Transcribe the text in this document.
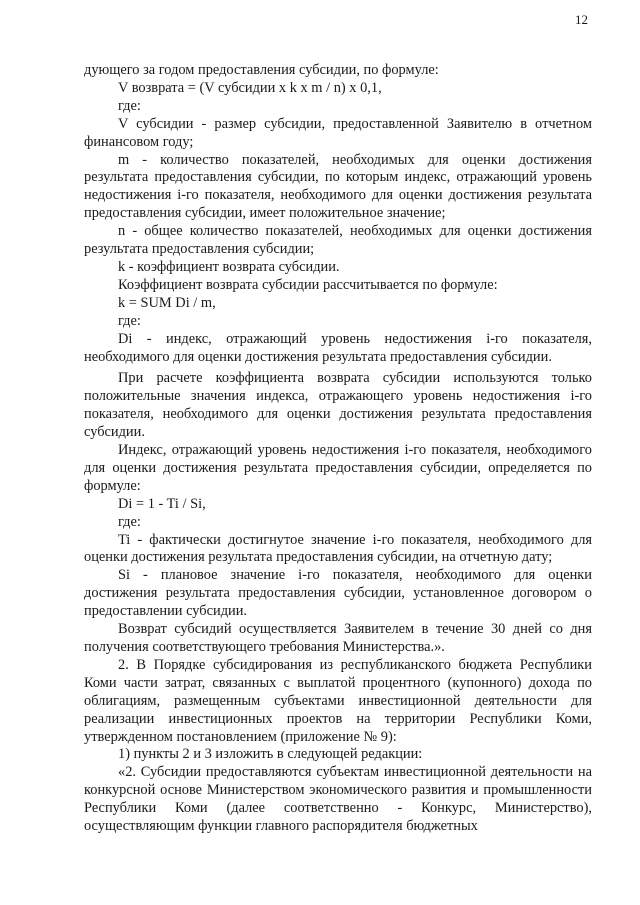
12

дующего за годом предоставления субсидии, по формуле:

V возврата = (V субсидии x k x m / n) x 0,1,

где:

V субсидии - размер субсидии, предоставленной Заявителю в отчетном финансовом году;

m - количество показателей, необходимых для оценки достижения результата предоставления субсидии, по которым индекс, отражающий уровень недостижения i-го показателя, необходимого для оценки достижения результата предоставления субсидии, имеет положительное значение;

n - общее количество показателей, необходимых для оценки достижения результата предоставления субсидии;

k - коэффициент возврата субсидии.

Коэффициент возврата субсидии рассчитывается по формуле:

k = SUM Di / m,

где:

Di - индекс, отражающий уровень недостижения i-го показателя, необходимого для оценки достижения результата предоставления субсидии.

При расчете коэффициента возврата субсидии используются только положительные значения индекса, отражающего уровень недостижения i-го показателя, необходимого для оценки достижения результата предоставления субсидии.

Индекс, отражающий уровень недостижения i-го показателя, необходимого для оценки достижения результата предоставления субсидии, определяется по формуле:

Di = 1 - Ti / Si,

где:

Ti - фактически достигнутое значение i-го показателя, необходимого для оценки достижения результата предоставления субсидии, на отчетную дату;

Si - плановое значение i-го показателя, необходимого для оценки достижения результата предоставления субсидии, установленное договором о предоставлении субсидии.

Возврат субсидий осуществляется Заявителем в течение 30 дней со дня получения соответствующего требования Министерства.».

2. В Порядке субсидирования из республиканского бюджета Республики Коми части затрат, связанных с выплатой процентного (купонного) дохода по облигациям, размещенным субъектами инвестиционной деятельности для реализации инвестиционных проектов на территории Республики Коми, утвержденном постановлением (приложение № 9):

1) пункты 2 и 3 изложить в следующей редакции:

«2. Субсидии предоставляются субъектам инвестиционной деятельности на конкурсной основе Министерством экономического развития и промышленности Республики Коми (далее соответственно - Конкурс, Министерство), осуществляющим функции главного распорядителя бюджетных
